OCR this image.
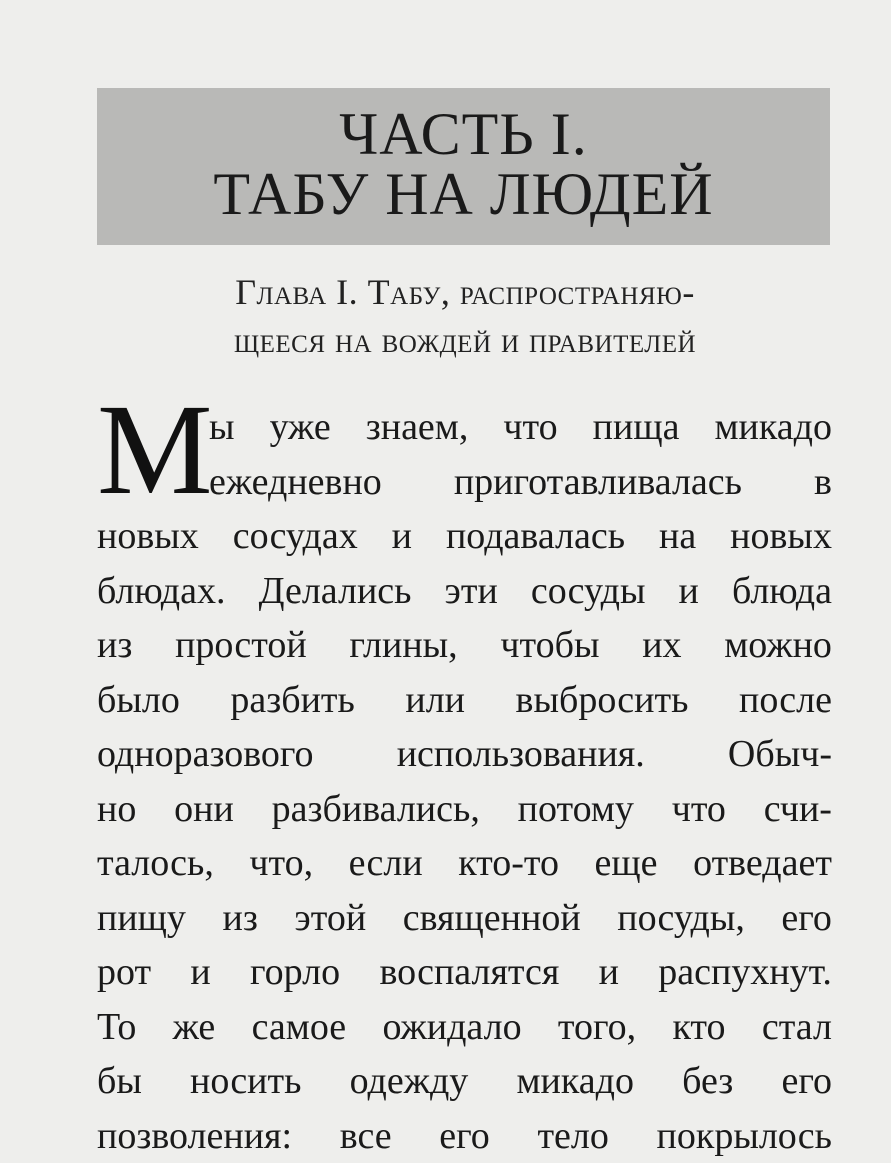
ЧАСТЬ I.
ТАБУ НА ЛЮДЕЙ
Глава I. Табу, распространяю-
щееся на вождей и правителей
М
ы уже знаем, что пища микадо
ежедневно приготавливалась в
новых сосудах и подавалась на новых
блюдах. Делались эти сосуды и блюда
из простой глины, чтобы их можно
было разбить или выбросить после
одноразового использования. Обыч-
но они разбивались, потому что счи-
талось, что, если кто-то еще отведает
пищу из этой священной посуды, его
рот и горло воспалятся и распухнут.
То же самое ожидало того, кто стал
бы носить одежду микадо без его
позволения: все его тело покрылось
